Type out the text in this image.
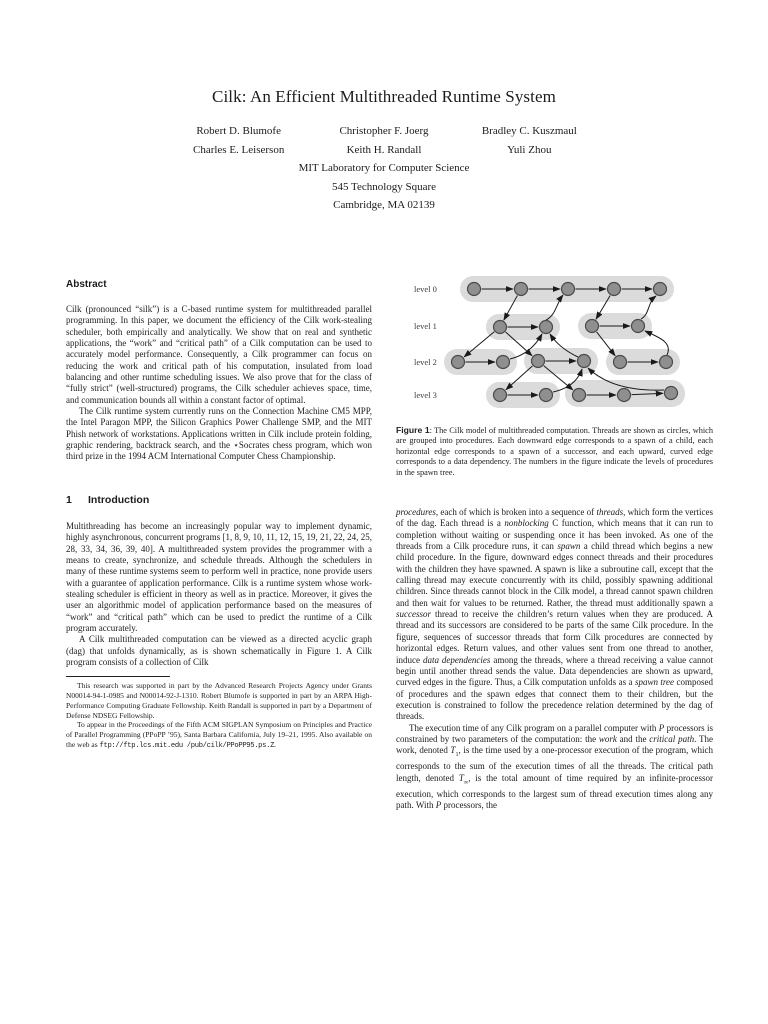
Cilk: An Efficient Multithreaded Runtime System
Robert D. Blumofe	Christopher F. Joerg	Bradley C. Kuszmaul
Charles E. Leiserson	Keith H. Randall	Yuli Zhou
MIT Laboratory for Computer Science
545 Technology Square
Cambridge, MA 02139
Abstract

Cilk (pronounced “silk”) is a C-based runtime system for multithreaded parallel programming. In this paper, we document the efficiency of the Cilk work-stealing scheduler, both empirically and analytically. We show that on real and synthetic applications, the “work” and “critical path” of a Cilk computation can be used to accurately model performance. Consequently, a Cilk programmer can focus on reducing the work and critical path of his computation, insulated from load balancing and other runtime scheduling issues. We also prove that for the class of “fully strict” (well-structured) programs, the Cilk scheduler achieves space, time, and communication bounds all within a constant factor of optimal.

The Cilk runtime system currently runs on the Connection Machine CM5 MPP, the Intel Paragon MPP, the Silicon Graphics Power Challenge SMP, and the MIT Phish network of workstations. Applications written in Cilk include protein folding, graphic rendering, backtrack search, and the ⋆Socrates chess program, which won third prize in the 1994 ACM International Computer Chess Championship.

1 Introduction

Multithreading has become an increasingly popular way to implement dynamic, highly asynchronous, concurrent programs [1, 8, 9, 10, 11, 12, 15, 19, 21, 22, 24, 25, 28, 33, 34, 36, 39, 40]. A multithreaded system provides the programmer with a means to create, synchronize, and schedule threads. Although the schedulers in many of these runtime systems seem to perform well in practice, none provide users with a guarantee of application performance. Cilk is a runtime system whose work-stealing scheduler is efficient in theory as well as in practice. Moreover, it gives the user an algorithmic model of application performance based on the measures of “work” and “critical path” which can be used to predict the runtime of a Cilk program accurately.

A Cilk multithreaded computation can be viewed as a directed acyclic graph (dag) that unfolds dynamically, as is shown schematically in Figure 1. A Cilk program consists of a collection of Cilk

This research was supported in part by the Advanced Research Projects Agency under Grants N00014-94-1-0985 and N00014-92-J-1310. Robert Blumofe is supported in part by an ARPA High-Performance Computing Graduate Fellowship. Keith Randall is supported in part by a Department of Defense NDSEG Fellowship.

To appear in the Proceedings of the Fifth ACM SIGPLAN Symposium on Principles and Practice of Parallel Programming (PPoPP ’95), Santa Barbara California, July 19–21, 1995. Also available on the web as ftp://ftp.lcs.mit.edu /pub/cilk/PPoPP95.ps.Z.

level 0
level 1
level 2
level 3

Figure 1: The Cilk model of multithreaded computation. Threads are shown as circles, which are grouped into procedures. Each downward edge corresponds to a spawn of a child, each horizontal edge corresponds to a spawn of a successor, and each upward, curved edge corresponds to a data dependency. The numbers in the figure indicate the levels of procedures in the spawn tree.

procedures, each of which is broken into a sequence of threads, which form the vertices of the dag. Each thread is a nonblocking C function, which means that it can run to completion without waiting or suspending once it has been invoked. As one of the threads from a Cilk procedure runs, it can spawn a child thread which begins a new child procedure. In the figure, downward edges connect threads and their procedures with the children they have spawned. A spawn is like a subroutine call, except that the calling thread may execute concurrently with its child, possibly spawning additional children. Since threads cannot block in the Cilk model, a thread cannot spawn children and then wait for values to be returned. Rather, the thread must additionally spawn a successor thread to receive the children’s return values when they are produced. A thread and its successors are considered to be parts of the same Cilk procedure. In the figure, sequences of successor threads that form Cilk procedures are connected by horizontal edges. Return values, and other values sent from one thread to another, induce data dependencies among the threads, where a thread receiving a value cannot begin until another thread sends the value. Data dependencies are shown as upward, curved edges in the figure. Thus, a Cilk computation unfolds as a spawn tree composed of procedures and the spawn edges that connect them to their children, but the execution is constrained to follow the precedence relation determined by the dag of threads.

The execution time of any Cilk program on a parallel computer with P processors is constrained by two parameters of the computation: the work and the critical path. The work, denoted $T_1$, is the time used by a one-processor execution of the program, which corresponds to the sum of the execution times of all the threads. The critical path length, denoted $T_\infty$, is the total amount of time required by an infinite-processor execution, which corresponds to the largest sum of thread execution times along any path. With P processors, the
